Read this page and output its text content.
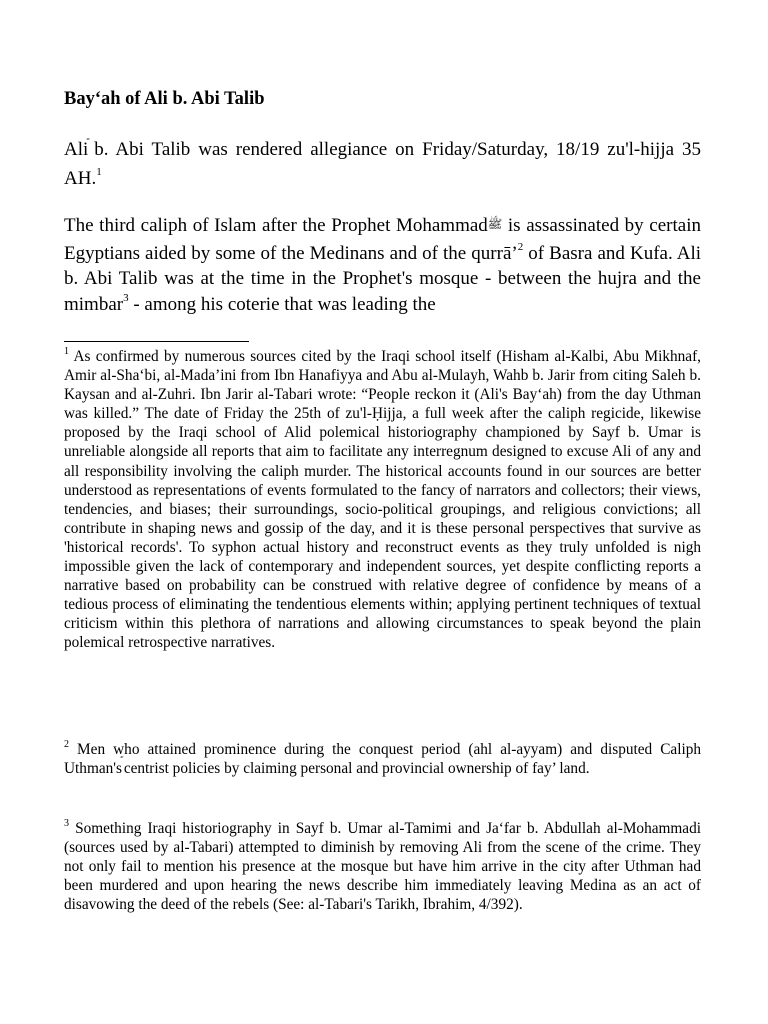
Bay‘ah of Ali b. Abi Talib
Ali b. Abi Talib was rendered allegiance on Friday/Saturday, 18/19 zu'l-hijja 35 AH.$^1$
The third caliph of Islam after the Prophet Mohammadﷺ is assassinated by certain Egyptians aided by some of the Medinans and of the qurrā’$^2$ of Basra and Kufa. Ali b. Abi Talib was at the time in the Prophet's mosque - between the hujra and the mimbar$^3$ - among his coterie that was leading the
$^1$ As confirmed by numerous sources cited by the Iraqi school itself (Hisham al-Kalbi, Abu Mikhnaf, Amir al-Sha‘bi, al-Mada’ini from Ibn Hanafiyya and Abu al-Mulayh, Wahb b. Jarir from citing Saleh b. Kaysan and al-Zuhri. Ibn Jarir al-Tabari wrote: “People reckon it (Ali's Bay‘ah) from the day Uthman was killed.” The date of Friday the 25th of zu'l-Ḥijja, a full week after the caliph regicide, likewise proposed by the Iraqi school of Alid polemical historiography championed by Sayf b. Umar is unreliable alongside all reports that aim to facilitate any interregnum designed to excuse Ali of any and all responsibility involving the caliph murder. The historical accounts found in our sources are better understood as representations of events formulated to the fancy of narrators and collectors; their views, tendencies, and biases; their surroundings, socio-political groupings, and religious convictions; all contribute in shaping news and gossip of the day, and it is these personal perspectives that survive as 'historical records'. To syphon actual history and reconstruct events as they truly unfolded is nigh impossible given the lack of contemporary and independent sources, yet despite conflicting reports a narrative based on probability can be construed with relative degree of confidence by means of a tedious process of eliminating the tendentious elements within; applying pertinent techniques of textual criticism within this plethora of narrations and allowing circumstances to speak beyond the plain polemical retrospective narratives.
$^2$ Men who attained prominence during the conquest period (ahl al-ayyam) and disputed Caliph Uthman's centrist policies by claiming personal and provincial ownership of fay’ land.
$^3$ Something Iraqi historiography in Sayf b. Umar al-Tamimi and Ja‘far b. Abdullah al-Mohammadi (sources used by al-Tabari) attempted to diminish by removing Ali from the scene of the crime. They not only fail to mention his presence at the mosque but have him arrive in the city after Uthman had been murdered and upon hearing the news describe him immediately leaving Medina as an act of disavowing the deed of the rebels (See: al-Tabari's Tarikh, Ibrahim, 4/392).
